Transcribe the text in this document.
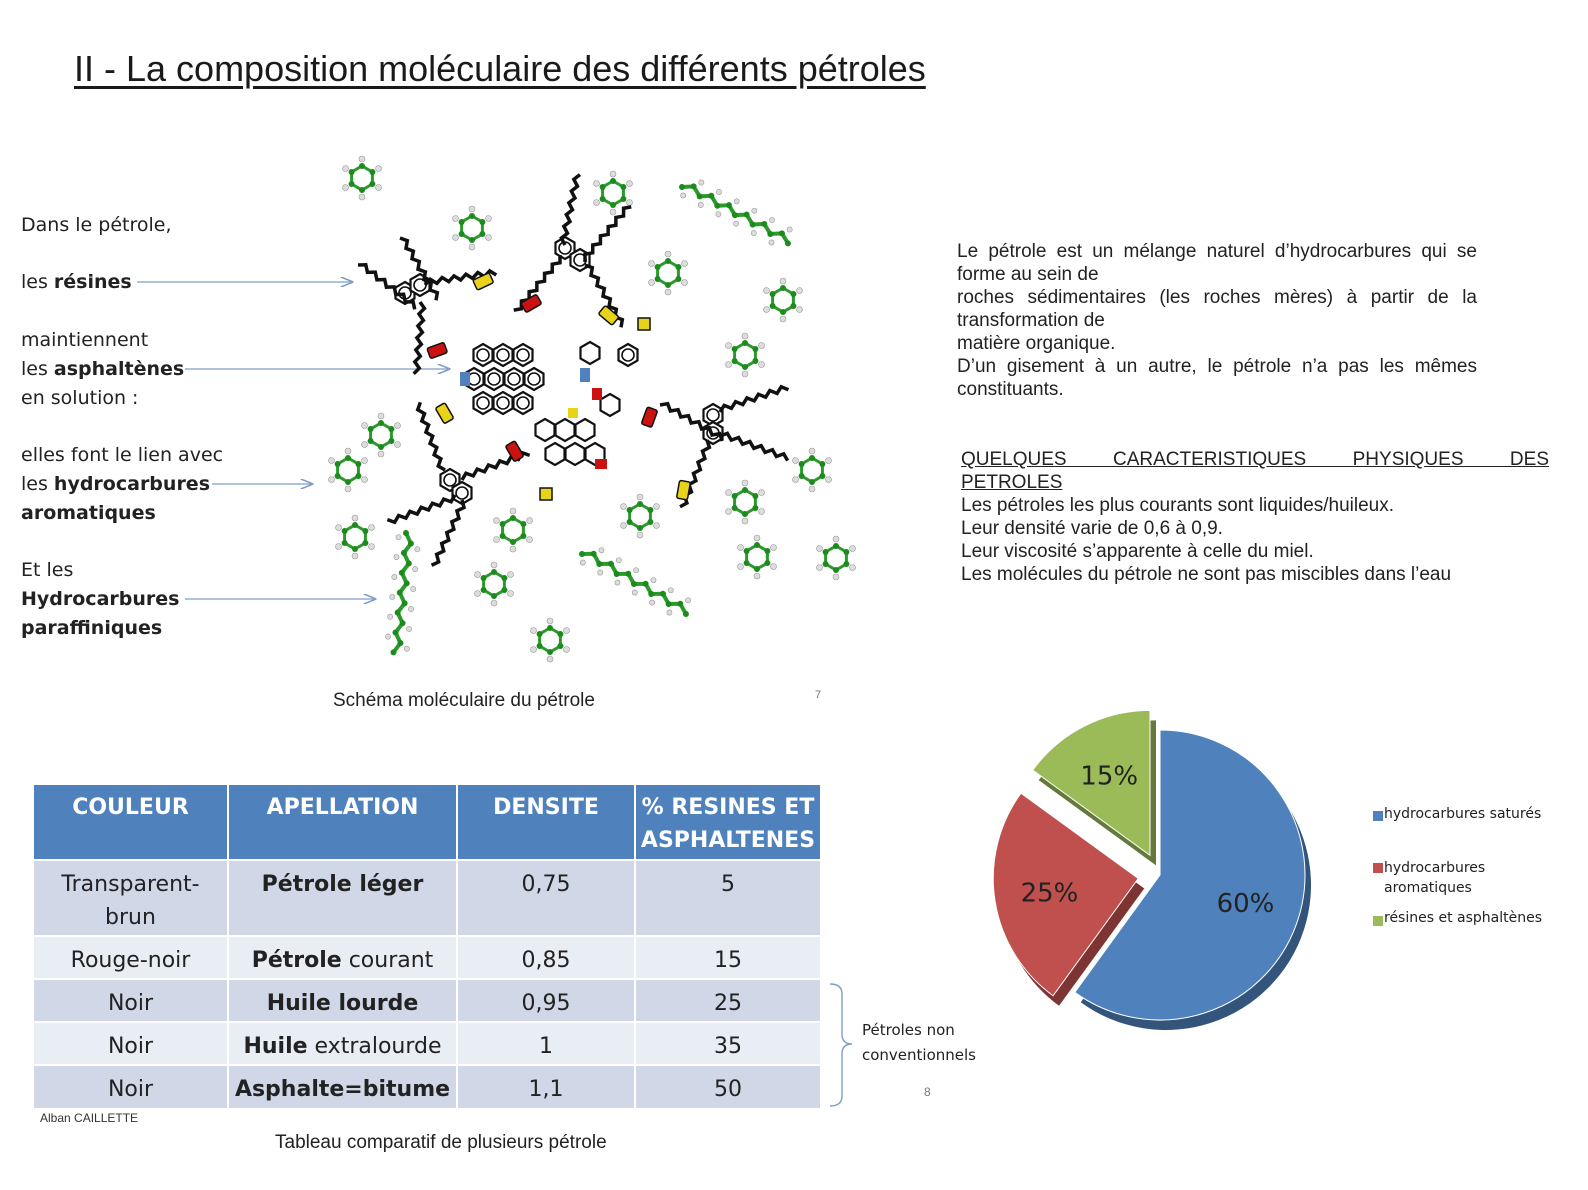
II - La composition moléculaire des différents pétroles
Dans le pétrole,
les résines
maintiennent
les asphaltènes
en solution :
elles font le lien avec
les hydrocarbures
aromatiques
Et les
Hydrocarbures
paraffiniques
Schéma moléculaire du pétrole	7

Le pétrole est un mélange naturel d’hydrocarbures qui se forme au sein de

roches sédimentaires (les roches mères) à partir de la transformation de

matière organique.

D’un gisement à un autre, le pétrole n’a pas les mêmes constituants.

QUELQUES CARACTERISTIQUES PHYSIQUES DES
PETROLES
Les pétroles les plus courants sont liquides/huileux.
Leur densité varie de 0,6 à 0,9.
Leur viscosité s’apparente à celle du miel.
Les molécules du pétrole ne sont pas miscibles dans l’eau
COULEUR	APELLATION	DENSITE	% RESINES ET ASPHALTENES
Transparent-brun	Pétrole léger	0,75	5
Rouge-noir	Pétrole courant	0,85	15
Noir	Huile lourde	0,95	25
Noir	Huile extralourde	1	35
Noir	Asphalte=bitume	1,1	50
Alban CAILLETTE
Pétroles non conventionnels
8
Tableau comparatif de plusieurs pétrole
60%
25%
15%
hydrocarbures saturés
hydrocarbures aromatiques
résines et asphaltènes
